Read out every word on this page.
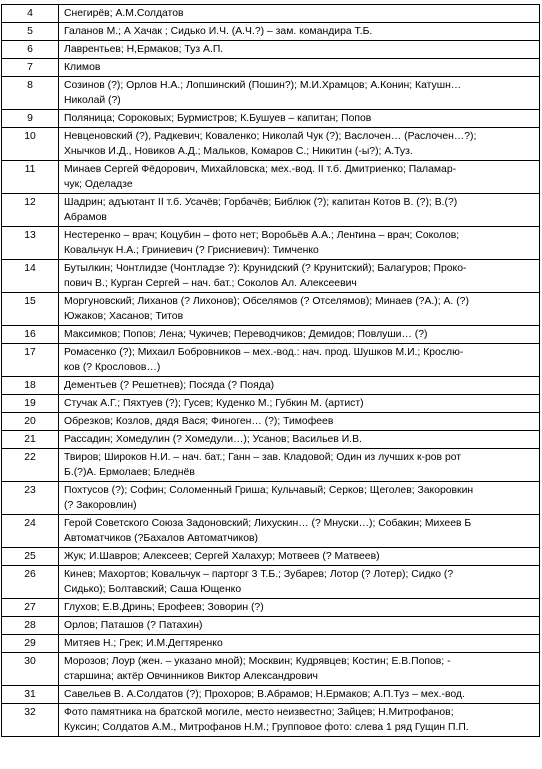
4	Снегирёв; А.М.Солдатов

5	Галанов М.; А Хачак ; Сидько И.Ч. (А.Ч.?) – зам. командира Т.Б.

6	Лаврентьев; Н,Ермаков; Туз А.П.

7	Климов

8	Созинов (?); Орлов Н.А.; Лопшинский (Пошин?); М.И.Храмцов; А.Конин; Катушн…
Николай (?)

9	Поляница; Сороковых; Бурмистров; К.Бушуев – капитан; Попов

10	Невценовский (?), Радкевич; Коваленко; Николай Чук (?); Васлочен… (Раслочен…?);
Хнычков И.Д., Новиков А.Д.; Мальков, Комаров С.; Никитин (-ы?); А.Туз.

11	Минаев Сергей Фёдорович, Михайловска; мех.-вод. II т.б. Дмитриенко; Паламар-
чук; Оделадзе

12	Шадрин; адъютант II т.б. Усачёв; Горбачёв; Библюк (?); капитан Котов В. (?); В.(?)
Абрамов

13	Нестеренко – врач; Коцубин – фото нет; Воробьёв А.А.; Ленזина – врач; Соколов;
Ковальчук Н.А.; Гриниевич (? Грисниевич): Тимченко

14	Бутылкин; Чонтлидзе (Чонтладзе ?): Крунидский (? Крунитский); Балагуров; Проко-
пович В.; Курган Сергей – нач. бат.; Соколов Ал. Алексеевич

15	Моргуновский; Лиханов (? Лихонов); Обселямов (? Отселямов); Минаев (?А.); А. (?)
Южаков; Хасанов; Титов

16	Максимков; Попов; Лена; Чукичев; Переводчиков; Демидов; Повлуши… (?)

17	Ромасенко (?); Михаил Бобровников – мех.-вод.: нач. прод. Шушков М.И.; Крослю-
ков (? Крословов…)

18	Дементьев (? Решетнев); Посяда (? Пояда)

19	Стучак А.Г.; Пяхтуев (?); Гусев; Куденко М.; Губкин М. (артист)

20	Обрезков; Козлов, дядя Вася; Финоген… (?); Тимофеев

21	Рассадин; Хомедулин (? Хомедули…); Усанов; Васильев И.В.

22	Твиров; Широков Н.И. – нач. бат.; Ганн – зав. Кладовой; Один из лучших к-ров рот
Б.(?)А. Ермолаев; Бледнёв

23	Похтусов (?); Софин; Соломенный Гриша; Кульчавый; Серков; Щеголев; Закоровкин
(? Закоровлин)

24	Герой Советского Союза Задоновский; Лихускин… (? Мнуски…); Собакин; Михеев Б
Автоматчиков (?Бахалов Автоматчиков)

25	Жук; И.Шавров; Алексеев; Сергей Халахур; Мотвеев (? Матвеев)

26	Кинев; Махортов; Ковальчук – парторг 3 Т.Б.; Зубарев; Лотор (? Лотер); Сидко (?
Сидько); Болтавский; Саша Ющенко

27	Глухов; Е.В.Дринь; Ерофеев; Зоворин (?)

28	Орлов; Паташов (? Патахин)

29	Митяев Н.; Грек; И.М.Дегтяренко

30	Морозов; Лоур (жен. – указано мной); Москвин; Кудрявцев; Костин; Е.В.Попов; -
старшина; актёр Овчинников Виктор Александрович

31	Савельев В. А.Солдатов (?); Прохоров; В.Абрамов; Н.Ермаков; А.П.Туз – мех.-вод.

32	Фото памятника на братской могиле, место неизвестно; Зайцев; Н.Митрофанов;
Куксин; Солдатов А.М., Митрофанов Н.М.; Групповое фото: слева 1 ряд Гущин П.П.
